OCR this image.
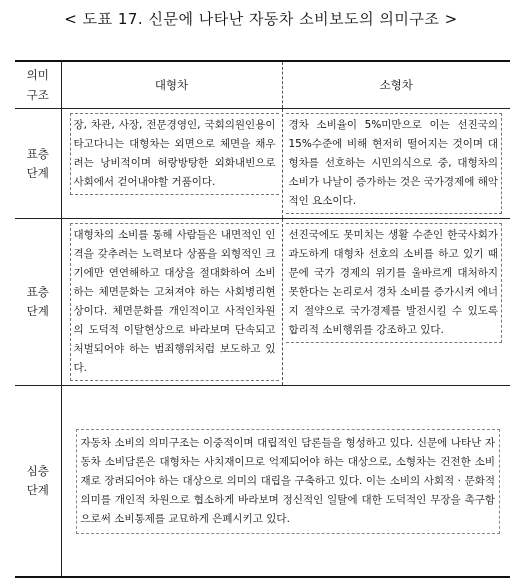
< 도표 17. 신문에 나타난 자동차 소비보도의 의미구조 >
의미
구조	대형차	소형차

표층
단계	장, 차관, 사장, 전문경영인, 국회의원인용이 타고다니는 대형차는 외면으로 체면을 채우려는 낭비적이며 허랑방탕한 외화내빈으로 사회에서 걷어내야할 거품이다.	경차 소비율이 5%미만으로 이는 선진국의 15%수준에 비해 현저히 떨어지는 것이며 대형차를 선호하는 시민의식으로 중, 대형차의 소비가 나날이 증가하는 것은 국가경제에 해악적인 요소이다.

표층
단계	대형차의 소비를 통해 사람들은 내면적인 인격을 갖추려는 노력보다 상품을 외형적인 크기에만 연연해하고 대상을 절대화하여 소비하는 체면문화는 고쳐져야 하는 사회병리현상이다. 체면문화를 개인적이고 사적인차원의 도덕적 이탈현상으로 바라보며 단속되고 처벌되어야 하는 범죄행위처럼 보도하고 있다.	선진국에도 못미치는 생활 수준인 한국사회가 과도하게 대형차 선호의 소비를 하고 있기 때문에 국가 경제의 위기를 울바르게 대처하지 못한다는 논리로서 경차 소비를 증가시켜 에너지 절약으로 국가경제를 발전시킬 수 있도록 합리적 소비행위를 강조하고 있다.

심층
단계	자동차 소비의 의미구조는 이중적이며 대립적인 담론들을 형성하고 있다. 신문에 나타난 자동차 소비담론은 대형차는 사치재이므로 억제되어야 하는 대상으로, 소형차는 건전한 소비재로 장려되어야 하는 대상으로 의미의 대립을 구축하고 있다. 이는 소비의 사회적 · 문화적 의미를 개인적 차원으로 협소하게 바라보며 정신적인 일탈에 대한 도덕적인 무장을 촉구함으로써 소비통제를 교묘하게 은폐시키고 있다.	
